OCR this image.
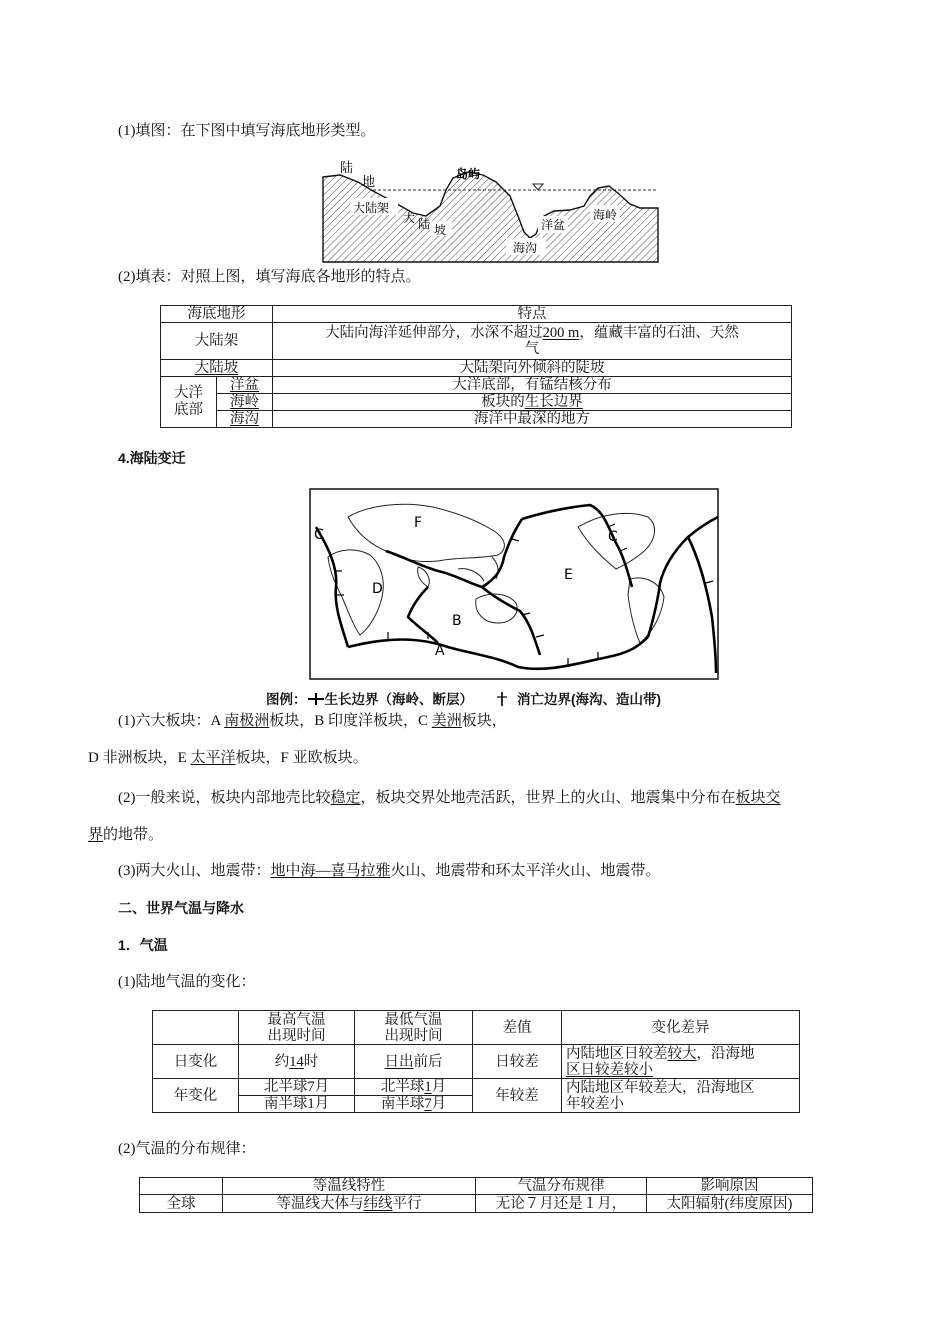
(1)填图：在下图中填写海底地形类型。
陆
地
岛屿
大陆架
大 陆 坡
海沟
洋盆
海岭
(2)填表：对照上图，填写海底各地形的特点。
海底地形		特点
大陆架		大陆向海洋延伸部分，水深不超过200 m，蕴藏丰富的石油、天然
气
大陆坡		大陆架向外倾斜的陡坡

大洋底部	洋盆	大洋底部，有锰结核分布
	海岭	板块的生长边界
	海沟	海洋中最深的地方
4.海陆变迁
A
B
C	C
D
E
F
图例： 生长边界（海岭、断层）	消亡边界(海沟、造山带)
(1)六大板块：A 南极洲板块，B 印度洋板块，C 美洲板块，
D 非洲板块，E 太平洋板块，F 亚欧板块。
(2)一般来说，板块内部地壳比较稳定，板块交界处地壳活跃，世界上的火山、地震集中分布在板块交
界的地带。
(3)两大火山、地震带：地中海—喜马拉雅火山、地震带和环太平洋火山、地震带。
二、世界气温与降水
1．气温
(1)陆地气温的变化：
	最高气温
出现时间	最低气温
出现时间	差值	变化差异
日变化	约14时	日出前后	日较差	内陆地区日较差较大，沿海地
区日较差较小
年变化	北半球7月	北半球1月	年较差	内陆地区年较差大，沿海地区
年较差小
	南半球1月	南半球7月		
(2)气温的分布规律：
	等温线特性	气温分布规律	影响原因
全球	等温线大体与纬线平行	无论７月还是１月，	太阳辐射(纬度原因)
